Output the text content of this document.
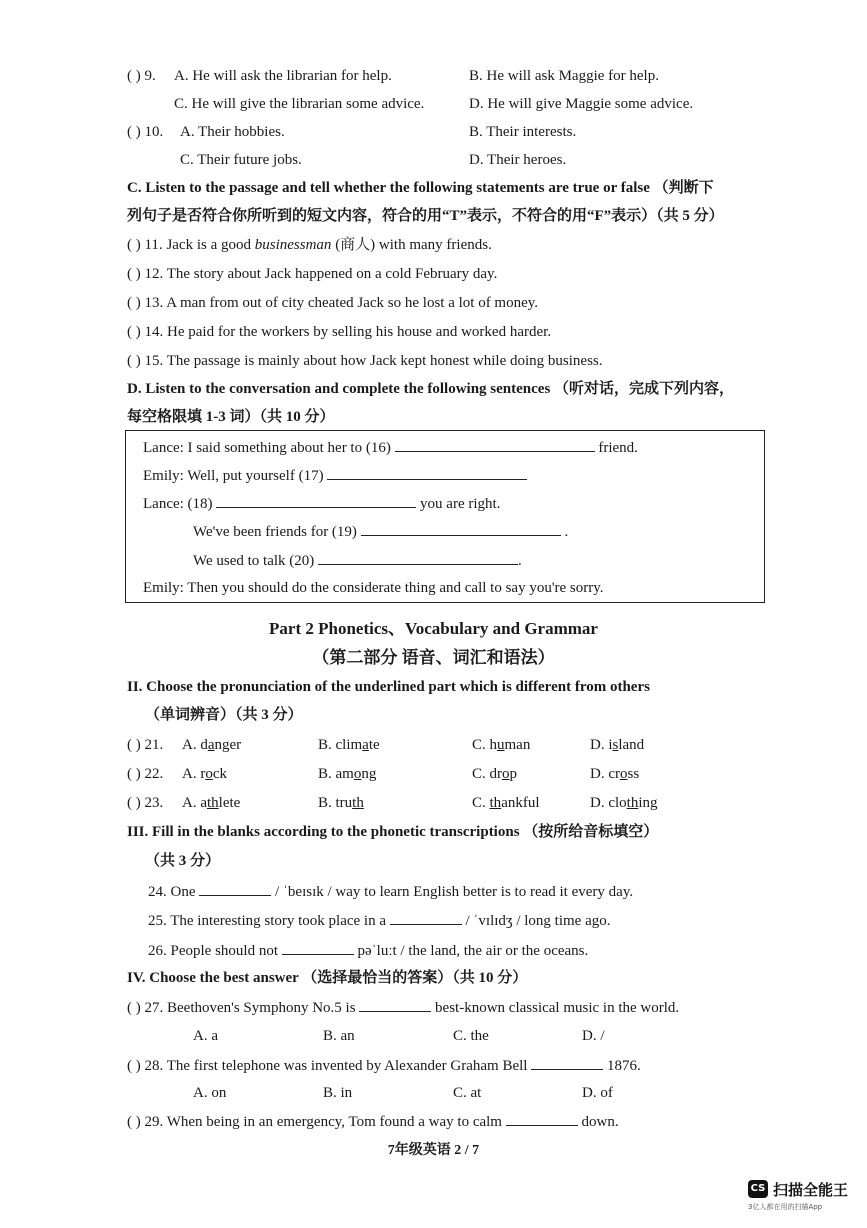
( ) 9. A. He will ask the librarian for help.	B. He will ask Maggie for help.
C. He will give the librarian some advice.	D. He will give Maggie some advice.
( ) 10. A. Their hobbies.	B. Their interests.
C. Their future jobs.	D. Their heroes.
C. Listen to the passage and tell whether the following statements are true or false （判断下
列句子是否符合你所听到的短文内容，符合的用“T”表示，不符合的用“F”表示）（共 5 分）
( ) 11. Jack is a good businessman (商人) with many friends.
( ) 12. The story about Jack happened on a cold February day.
( ) 13. A man from out of city cheated Jack so he lost a lot of money.
( ) 14. He paid for the workers by selling his house and worked harder.
( ) 15. The passage is mainly about how Jack kept honest while doing business.
D. Listen to the conversation and complete the following sentences （听对话，完成下列内容，
每空格限填 1-3 词）（共 10 分）
Lance: I said something about her to (16)	friend.
Emily: Well, put yourself (17)
Lance: (18)	you are right.
We've been friends for (19)	.
We used to talk (20)	.
Emily: Then you should do the considerate thing and call to say you're sorry.
Part 2 Phonetics、Vocabulary and Grammar
（第二部分 语音、词汇和语法）
II. Choose the pronunciation of the underlined part which is different from others
（单词辨音）（共 3 分）
( ) 21. A. danger	B. climate	C. human	D. island
( ) 22. A. rock	B. among	C. drop	D. cross
( ) 23. A. athlete	B. truth	C. thankful	D. clothing
III. Fill in the blanks according to the phonetic transcriptions （按所给音标填空）
（共 3 分）
24. One	/ ˈbeɪsɪk / way to learn English better is to read it every day.
25. The interesting story took place in a	/ ˈvɪlɪdʒ / long time ago.
26. People should not	pəˈluːt / the land, the air or the oceans.
IV. Choose the best answer （选择最恰当的答案）（共 10 分）
( ) 27. Beethoven's Symphony No.5 is	best-known classical music in the world.
A. a	B. an	C. the	D. /
( ) 28. The first telephone was invented by Alexander Graham Bell	1876.
A. on	B. in	C. at	D. of
( ) 29. When being in an emergency, Tom found a way to calm	down.
7年级英语 2 / 7
CS 扫描全能王
3亿人都在用的扫描App
